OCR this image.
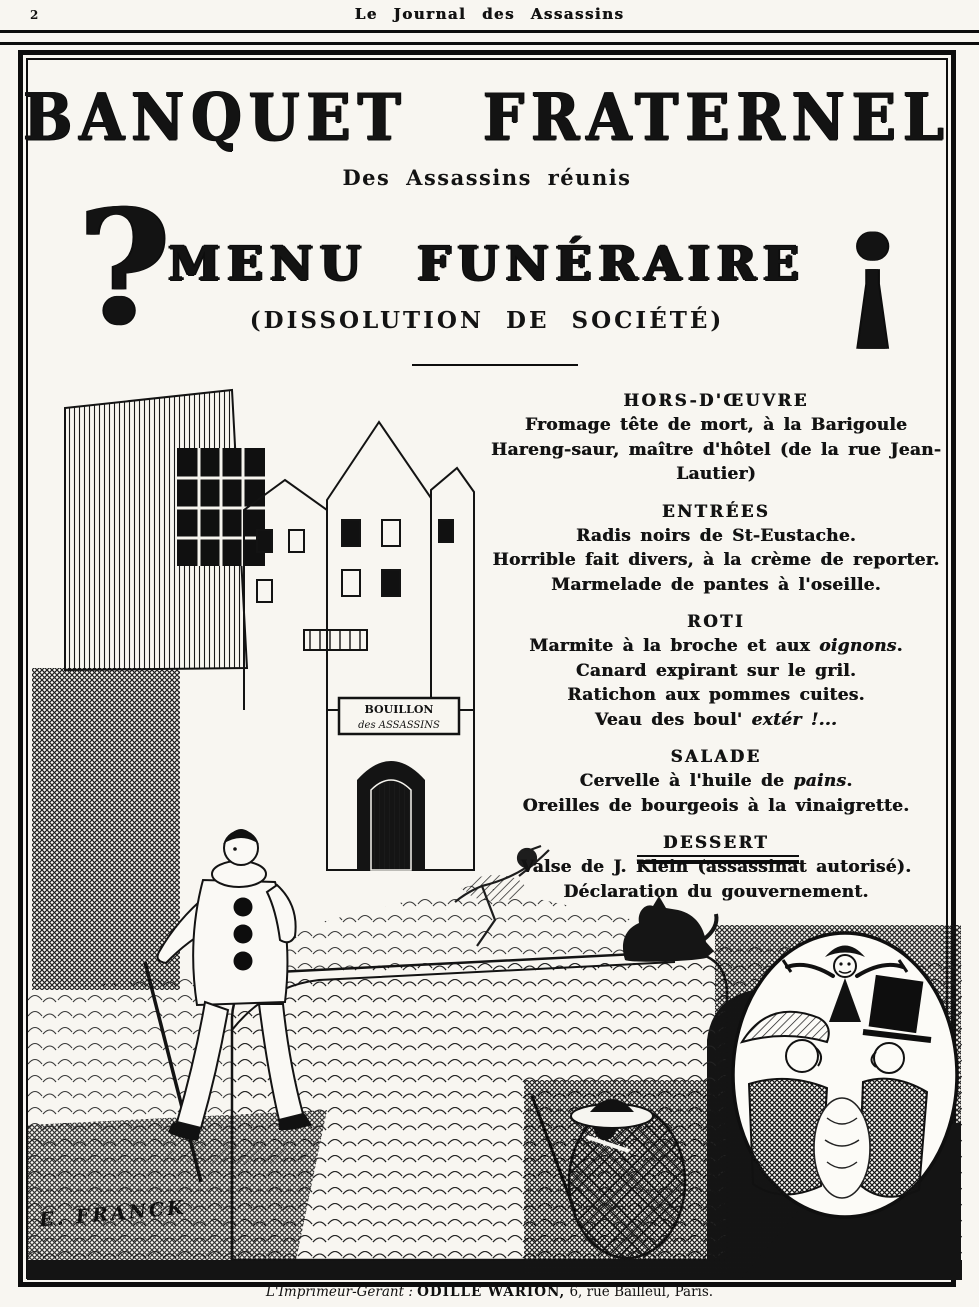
2	Le Journal des Assassins
BANQUET FRATERNEL
Des Assassins réunis
?	¡
MENU FUNÉRAIRE
(DISSOLUTION DE SOCIÉTÉ)
BOUILLON
des ASSASSINS
HORS-D'ŒUVRE
Fromage tête de mort, à la Barigoule
Hareng-saur, maître d'hôtel (de la rue Jean-Lautier)
ENTRÉES
Radis noirs de St-Eustache.
Horrible fait divers, à la crème de reporter.
Marmelade de pantes à l'oseille.
ROTI
Marmite à la broche et aux oignons.
Canard expirant sur le gril.
Ratichon aux pommes cuites.
Veau des boul' extér !...
SALADE
Cervelle à l'huile de pains.
Oreilles de bourgeois à la vinaigrette.
DESSERT
Valse de J. Klein (assassinat autorisé).
Déclaration du gouvernement.
E. FRANCK
L'Imprimeur-Gérant : ODILLE WARION, 6, rue Bailleul, Paris.
